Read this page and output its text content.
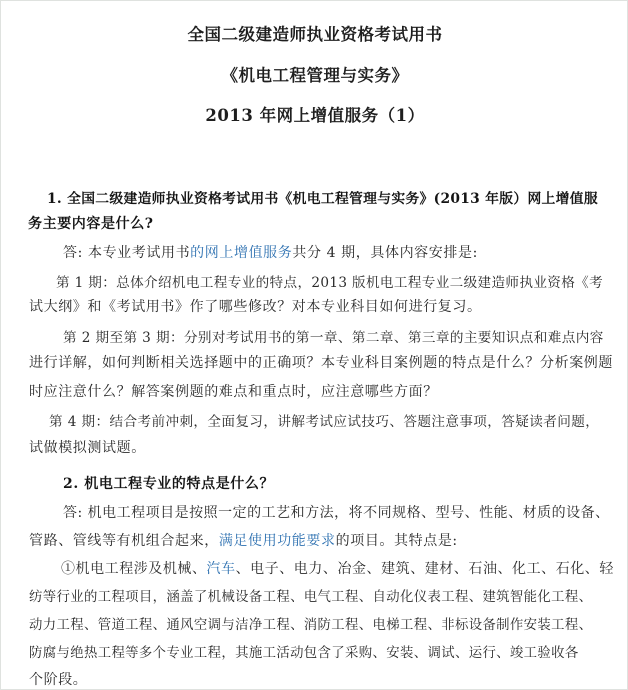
全国二级建造师执业资格考试用书
《机电工程管理与实务》
2013 年网上增值服务（1）
1. 全国二级建造师执业资格考试用书《机电工程管理与实务》(2013 年版）网上增值服
务主要内容是什么?
答: 本专业考试用书的网上增值服务共分 4 期，具体内容安排是:
第 1 期：总体介绍机电工程专业的特点，2013 版机电工程专业二级建造师执业资格《考
试大纲》和《考试用书》作了哪些修改？对本专业科目如何进行复习。
第 2 期至第 3 期：分别对考试用书的第一章、第二章、第三章的主要知识点和难点内容
进行详解，如何判断相关选择题中的正确项？本专业科目案例题的特点是什么？分析案例题
时应注意什么？解答案例题的难点和重点时，应注意哪些方面？
第 4 期：结合考前冲刺，全面复习，讲解考试应试技巧、答题注意事项，答疑读者问题，
试做模拟测试题。
2. 机电工程专业的特点是什么？
答: 机电工程项目是按照一定的工艺和方法，将不同规格、型号、性能、材质的设备、
管路、管线等有机组合起来，满足使用功能要求的项目。其特点是:
①机电工程涉及机械、汽车、电子、电力、冶金、建筑、建材、石油、化工、石化、轻
纺等行业的工程项目，涵盖了机械设备工程、电气工程、自动化仪表工程、建筑智能化工程、
动力工程、管道工程、通风空调与洁净工程、消防工程、电梯工程、非标设备制作安装工程、
防腐与绝热工程等多个专业工程，其施工活动包含了采购、安装、调试、运行、竣工验收各
个阶段。
